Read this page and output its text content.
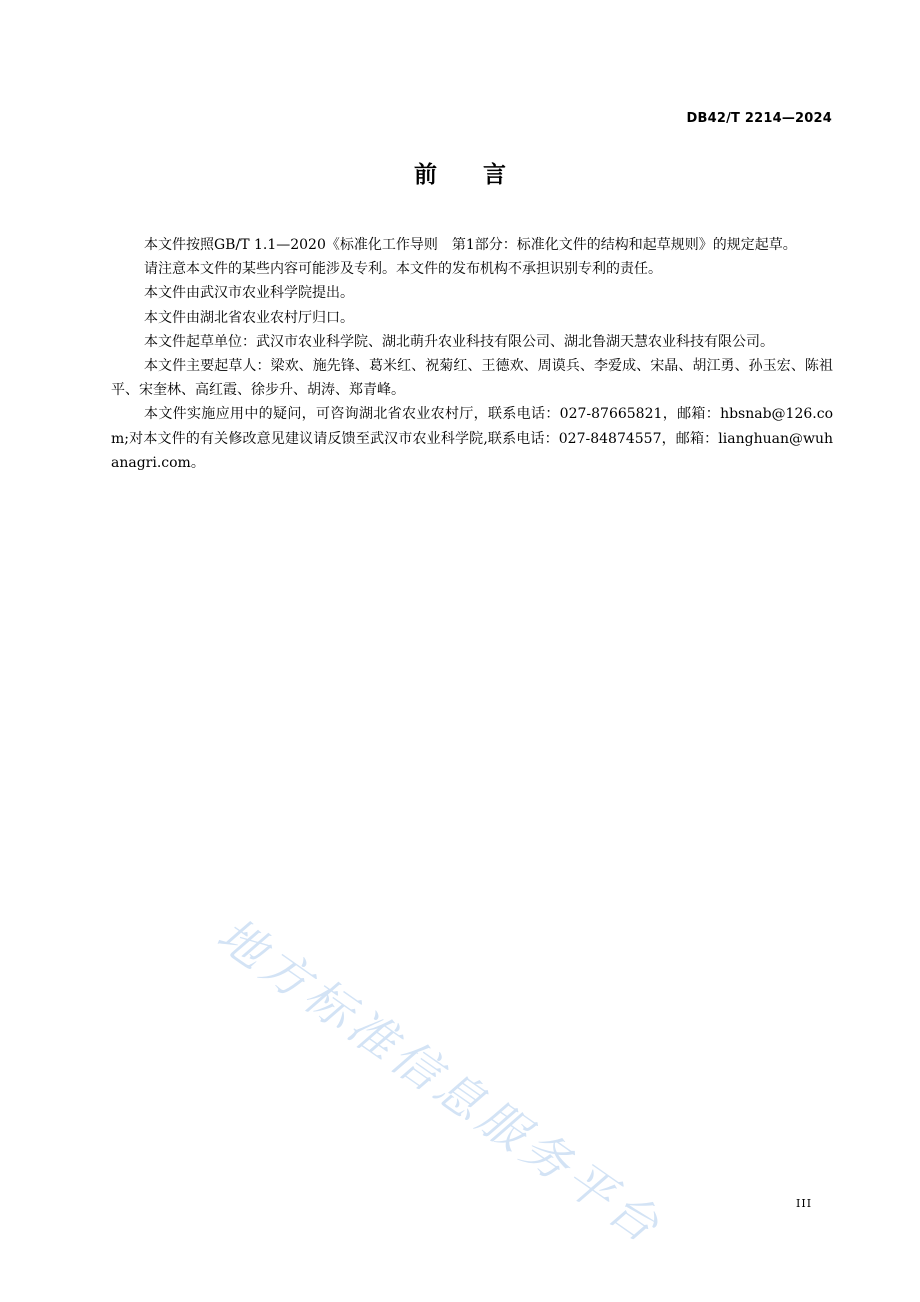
DB42/T 2214—2024
前 言

本文件按照GB/T 1.1—2020《标准化工作导则　第1部分：标准化文件的结构和起草规则》的规定起草。

请注意本文件的某些内容可能涉及专利。本文件的发布机构不承担识别专利的责任。

本文件由武汉市农业科学院提出。

本文件由湖北省农业农村厅归口。

本文件起草单位：武汉市农业科学院、湖北萌升农业科技有限公司、湖北鲁湖天慧农业科技有限公司。

本文件主要起草人：梁欢、施先锋、葛米红、祝菊红、王德欢、周谟兵、李爱成、宋晶、胡江勇、孙玉宏、陈祖平、宋奎林、高红霞、徐步升、胡涛、郑青峰。

本文件实施应用中的疑问，可咨询湖北省农业农村厅，联系电话：027-87665821，邮箱：hbsnab@126.com;对本文件的有关修改意见建议请反馈至武汉市农业科学院,联系电话：027-84874557，邮箱：lianghuan@wuhanagri.com。

地方标准信息服务平台	III
